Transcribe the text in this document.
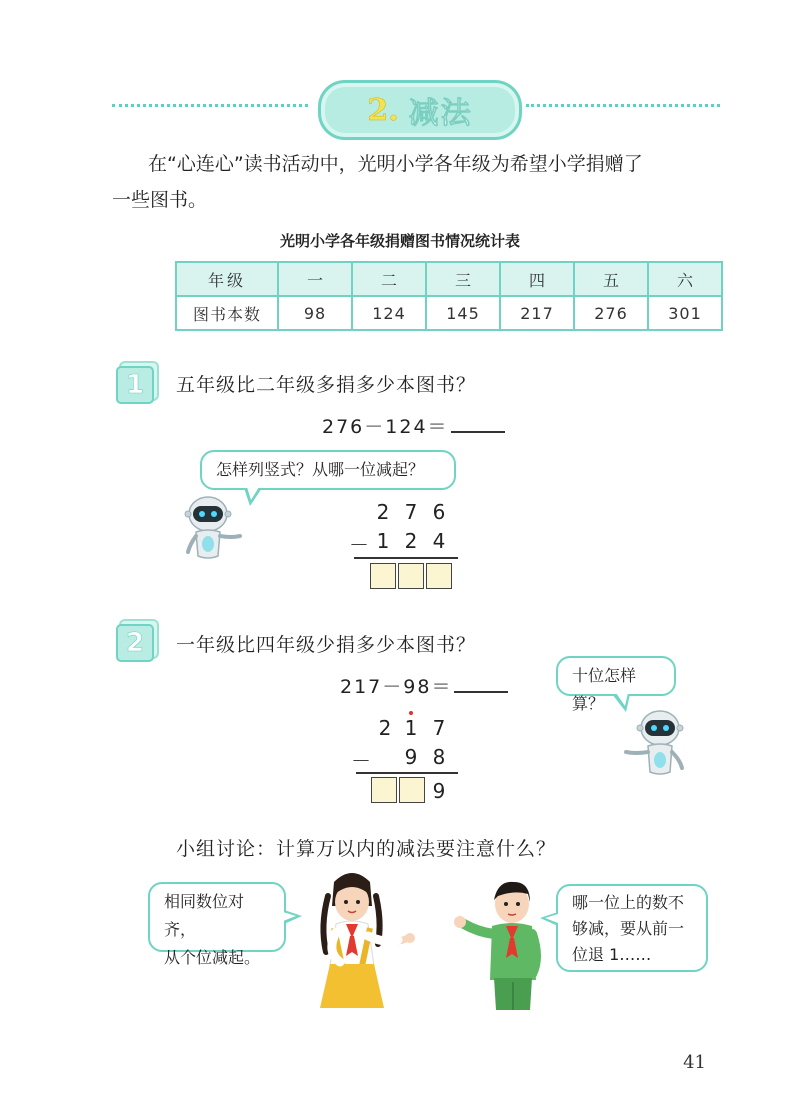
2. 减法
在“心连心”读书活动中，光明小学各年级为希望小学捐赠了
一些图书。
光明小学各年级捐赠图书情况统计表
年级	一	二	三	四	五	六
图书本数	98	124	145	217	276	301
1	五年级比二年级多捐多少本图书？
276－124＝
怎样列竖式？从哪一位减起？
2 7 6
－ 1 2 4
2	一年级比四年级少捐多少本图书？
217－98＝
十位怎样算？
2 1 7
－ 9 8
9
小组讨论：计算万以内的减法要注意什么？
相同数位对齐，
从个位减起。
哪一位上的数不
够减，要从前一
位退 1……
41
